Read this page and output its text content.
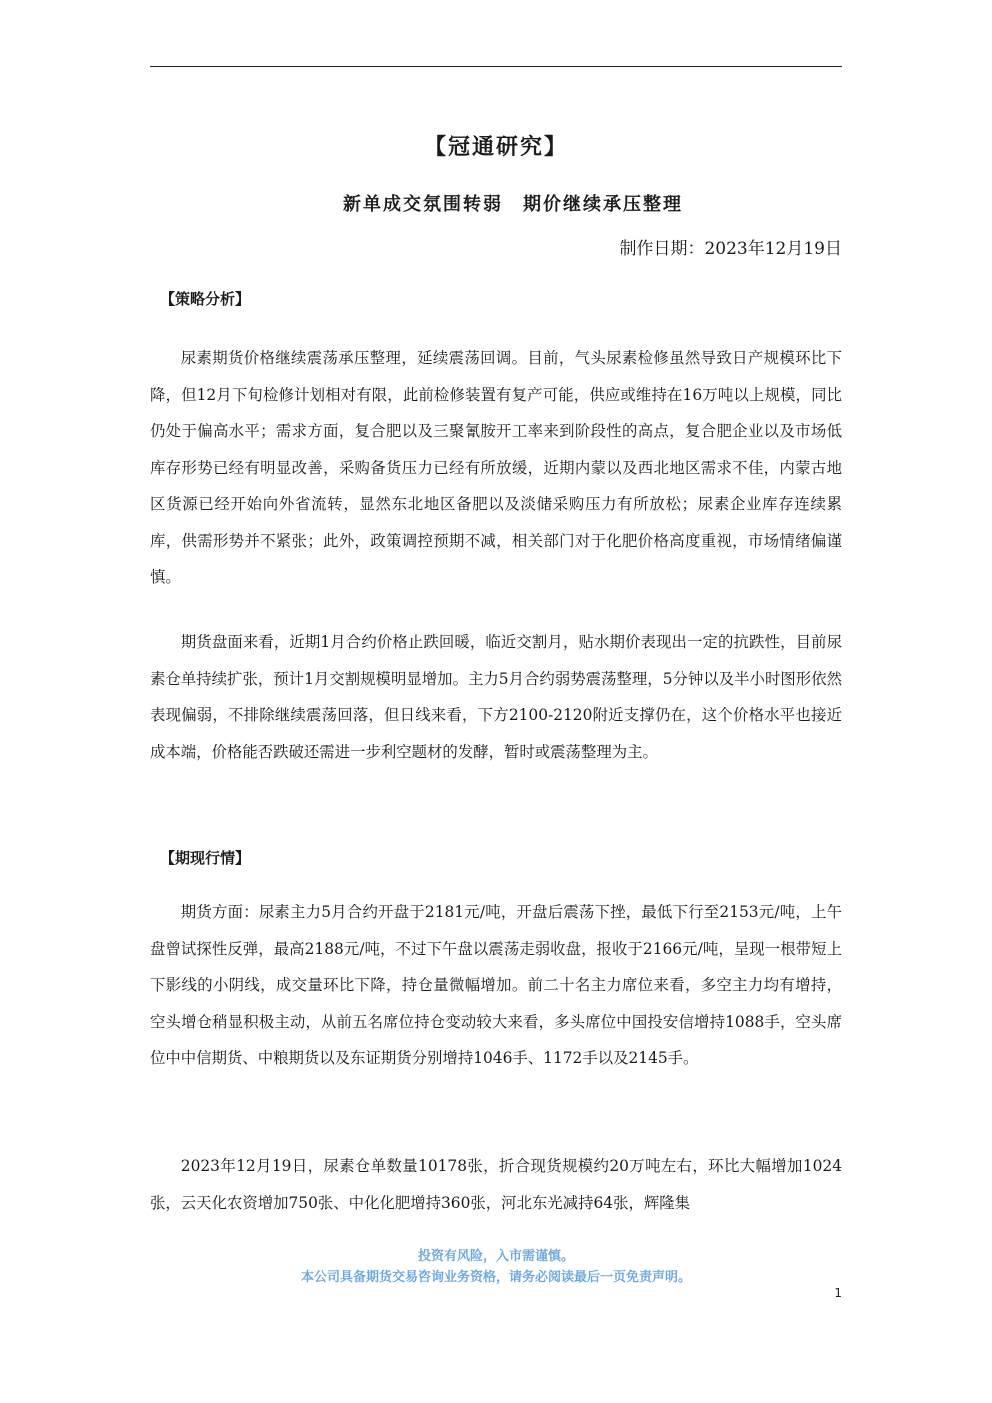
【冠通研究】
新单成交氛围转弱　期价继续承压整理
制作日期：2023年12月19日
【策略分析】

尿素期货价格继续震荡承压整理，延续震荡回调。目前，气头尿素检修虽然导致日产规模环比下降，但12月下旬检修计划相对有限，此前检修装置有复产可能，供应或维持在16万吨以上规模，同比仍处于偏高水平；需求方面，复合肥以及三聚氰胺开工率来到阶段性的高点，复合肥企业以及市场低库存形势已经有明显改善，采购备货压力已经有所放缓，近期内蒙以及西北地区需求不佳，内蒙古地区货源已经开始向外省流转，显然东北地区备肥以及淡储采购压力有所放松；尿素企业库存连续累库，供需形势并不紧张；此外，政策调控预期不减，相关部门对于化肥价格高度重视，市场情绪偏谨慎。

期货盘面来看，近期1月合约价格止跌回暖，临近交割月，贴水期价表现出一定的抗跌性，目前尿素仓单持续扩张，预计1月交割规模明显增加。主力5月合约弱势震荡整理，5分钟以及半小时图形依然表现偏弱，不排除继续震荡回落，但日线来看，下方2100-2120附近支撑仍在，这个价格水平也接近成本端，价格能否跌破还需进一步利空题材的发酵，暂时或震荡整理为主。

【期现行情】

期货方面：尿素主力5月合约开盘于2181元/吨，开盘后震荡下挫，最低下行至2153元/吨，上午盘曾试探性反弹，最高2188元/吨，不过下午盘以震荡走弱收盘，报收于2166元/吨，呈现一根带短上下影线的小阴线，成交量环比下降，持仓量微幅增加。前二十名主力席位来看，多空主力均有增持，空头增仓稍显积极主动，从前五名席位持仓变动较大来看，多头席位中国投安信增持1088手，空头席位中中信期货、中粮期货以及东证期货分别增持1046手、1172手以及2145手。

2023年12月19日，尿素仓单数量10178张，折合现货规模约20万吨左右，环比大幅增加1024张，云天化农资增加750张、中化化肥增持360张，河北东光减持64张，辉隆集

投资有风险，入市需谨慎。
本公司具备期货交易咨询业务资格，请务必阅读最后一页免责声明。
1
